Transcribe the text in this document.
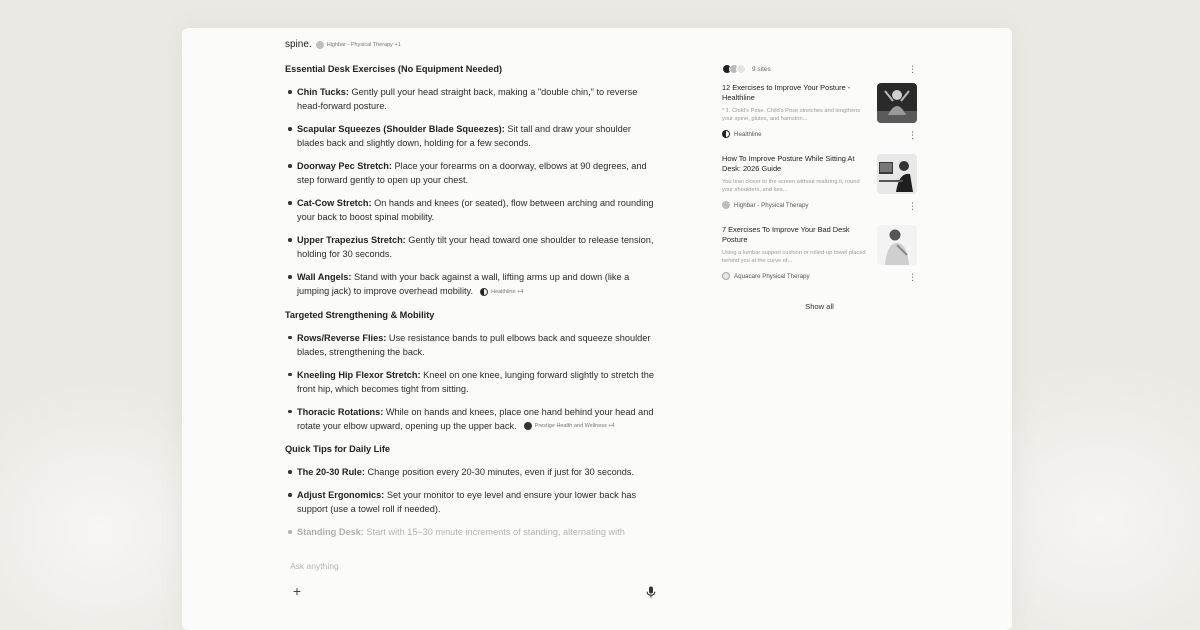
spine.	Highbar - Physical Therapy +1
Essential Desk Exercises (No Equipment Needed)
Chin Tucks: Gently pull your head straight back, making a "double chin," to reverse head-forward posture.
Scapular Squeezes (Shoulder Blade Squeezes): Sit tall and draw your shoulder blades back and slightly down, holding for a few seconds.
Doorway Pec Stretch: Place your forearms on a doorway, elbows at 90 degrees, and step forward gently to open up your chest.
Cat-Cow Stretch: On hands and knees (or seated), flow between arching and rounding your back to boost spinal mobility.
Upper Trapezius Stretch: Gently tilt your head toward one shoulder to release tension, holding for 30 seconds.
Wall Angels: Stand with your back against a wall, lifting arms up and down (like a jumping jack) to improve overhead mobility.	Healthline +4
Targeted Strengthening & Mobility
Rows/Reverse Flies: Use resistance bands to pull elbows back and squeeze shoulder blades, strengthening the back.
Kneeling Hip Flexor Stretch: Kneel on one knee, lunging forward slightly to stretch the front hip, which becomes tight from sitting.
Thoracic Rotations: While on hands and knees, place one hand behind your head and rotate your elbow upward, opening up the upper back.	Prestige Health and Wellness +4
Quick Tips for Daily Life
The 20-30 Rule: Change position every 20-30 minutes, even if just for 30 seconds.
Adjust Ergonomics: Set your monitor to eye level and ensure your lower back has support (use a towel roll if needed).
Standing Desk: Start with 15–30 minute increments of standing, alternating with
Ask anything
+
9 sites	⋮
12 Exercises to Improve Your Posture - Healthline
* 1. Child's Pose. Child's Pose stretches and lengthens your spine, glutes, and hamstrin...
Healthline	⋮
How To Improve Posture While Sitting At Desk: 2026 Guide
You lean closer to the screen without realizing it, round your shoulders, and kee...
Highbar - Physical Therapy	⋮
7 Exercises To Improve Your Bad Desk Posture
Using a lumbar support cushion or rolled-up towel placed behind you at the curve of...
Aquacare Physical Therapy	⋮
Show all
